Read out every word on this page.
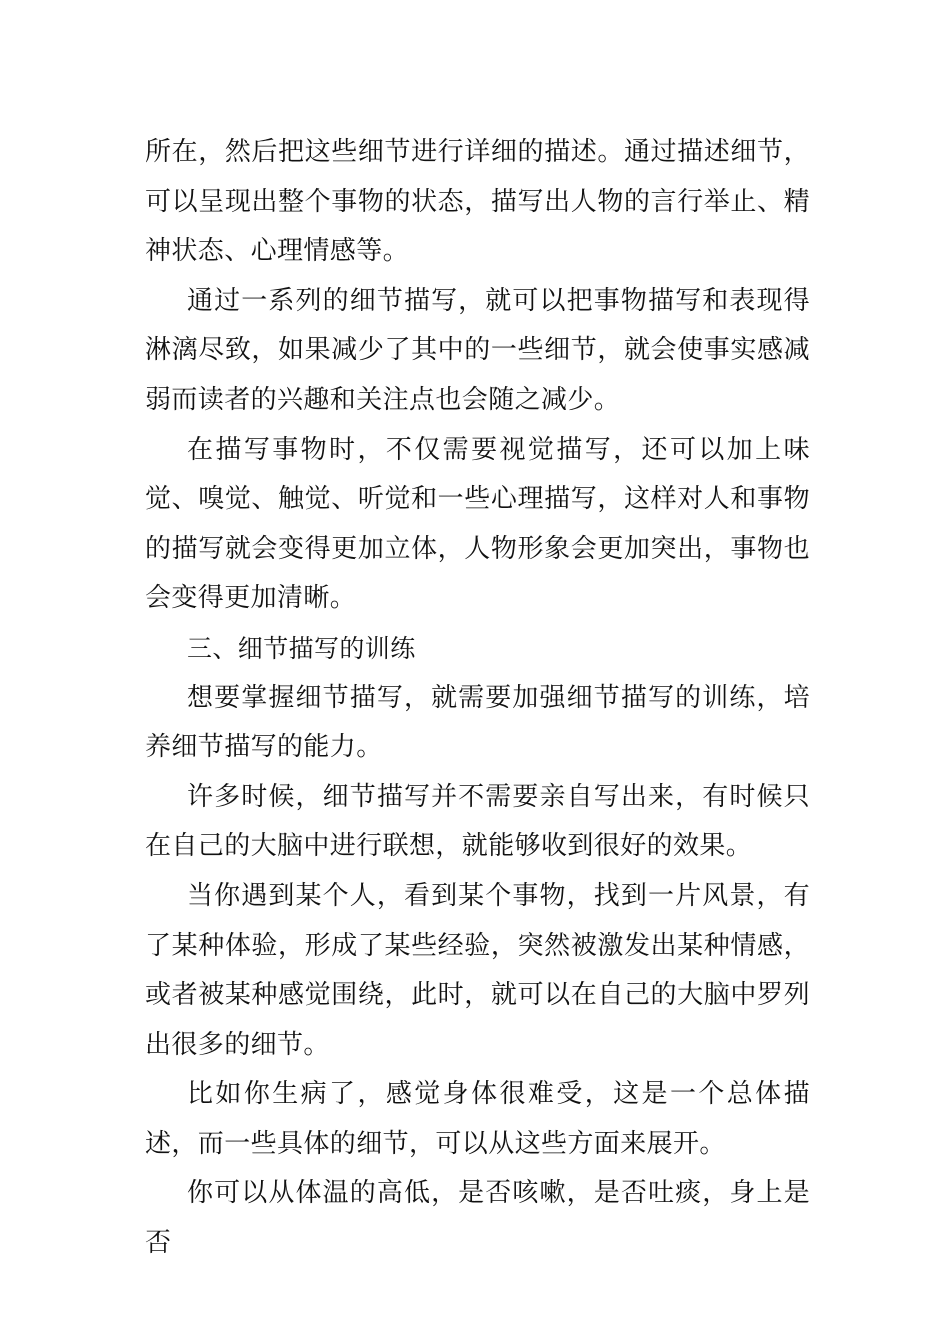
所在，然后把这些细节进行详细的描述。通过描述细节，可以呈现出整个事物的状态，描写出人物的言行举止、精神状态、心理情感等。

通过一系列的细节描写，就可以把事物描写和表现得淋漓尽致，如果减少了其中的一些细节，就会使事实感减弱而读者的兴趣和关注点也会随之减少。

在描写事物时，不仅需要视觉描写，还可以加上味觉、嗅觉、触觉、听觉和一些心理描写，这样对人和事物的描写就会变得更加立体，人物形象会更加突出，事物也会变得更加清晰。

三、细节描写的训练

想要掌握细节描写，就需要加强细节描写的训练，培养细节描写的能力。

许多时候，细节描写并不需要亲自写出来，有时候只在自己的大脑中进行联想，就能够收到很好的效果。

当你遇到某个人，看到某个事物，找到一片风景，有了某种体验，形成了某些经验，突然被激发出某种情感，或者被某种感觉围绕，此时，就可以在自己的大脑中罗列出很多的细节。

比如你生病了，感觉身体很难受，这是一个总体描述，而一些具体的细节，可以从这些方面来展开。

你可以从体温的高低，是否咳嗽，是否吐痰，身上是否
